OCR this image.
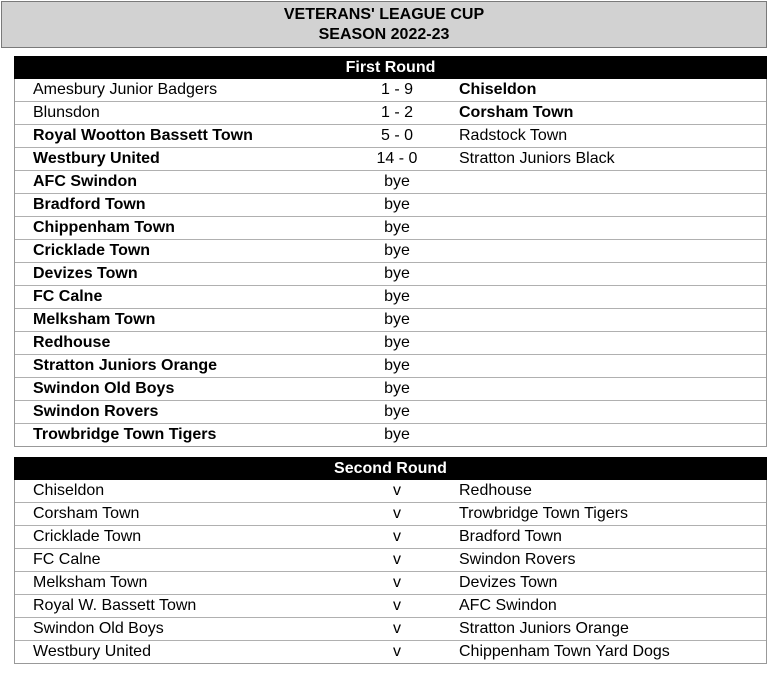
VETERANS' LEAGUE CUP
SEASON 2022-23
First Round
Amesbury Junior Badgers	1 - 9	Chiseldon
Blunsdon	1 - 2	Corsham Town
Royal Wootton Bassett Town	5 - 0	Radstock Town
Westbury United	14 - 0	Stratton Juniors Black
AFC Swindon	bye
Bradford Town	bye
Chippenham Town	bye
Cricklade Town	bye
Devizes Town	bye
FC Calne	bye
Melksham Town	bye
Redhouse	bye
Stratton Juniors Orange	bye
Swindon Old Boys	bye
Swindon Rovers	bye
Trowbridge Town Tigers	bye
Second Round
Chiseldon	v	Redhouse
Corsham Town	v	Trowbridge Town Tigers
Cricklade Town	v	Bradford Town
FC Calne	v	Swindon Rovers
Melksham Town	v	Devizes Town
Royal W. Bassett Town	v	AFC Swindon
Swindon Old Boys	v	Stratton Juniors Orange
Westbury United	v	Chippenham Town Yard Dogs
